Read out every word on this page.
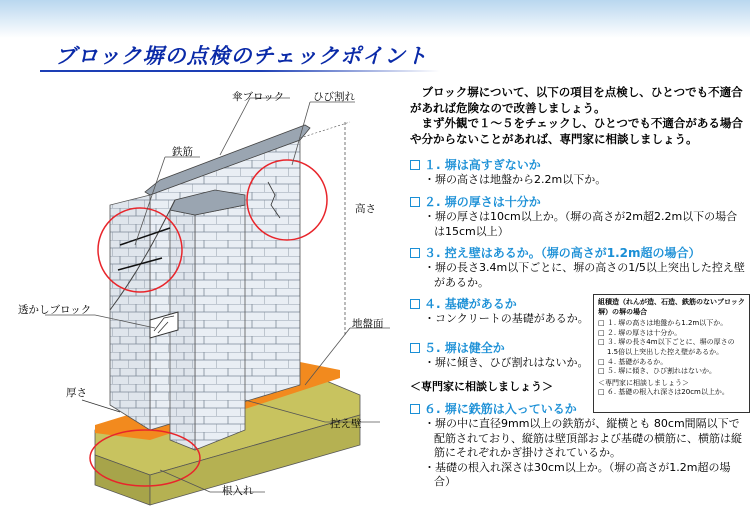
ブロック塀の点検のチェックポイント
傘ブロック	ひび割れ
鉄筋
高さ
透かしブロック
地盤面
厚さ
控え壁
根入れ

ブロック塀について、以下の項目を点検し、ひとつでも不適合があれば危険なので改善しましょう。

まず外観で１～５をチェックし、ひとつでも不適合がある場合や分からないことがあれば、専門家に相談しましょう。

１. 塀は高すぎないか
・ 塀の高さは地盤から2.2m以下か。
２. 塀の厚さは十分か
・ 塀の厚さは10cm以上か。（塀の高さが2m超2.2m以下の場合は15cm以上）
３. 控え壁はあるか。（塀の高さが1.2m超の場合）
・ 塀の長さ3.4m以下ごとに、塀の高さの1/5以上突出した控え壁があるか。
４. 基礎があるか
・ コンクリートの基礎があるか。
５. 塀は健全か
・ 塀に傾き、ひび割れはないか。
＜専門家に相談しましょう＞
６. 塀に鉄筋は入っているか
・ 塀の中に直径9mm以上の鉄筋が、縦横とも 80cm間隔以下で配筋されており、縦筋は壁頂部および基礎の横筋に、横筋は縦筋にそれぞれかぎ掛けされているか。
・ 基礎の根入れ深さは30cm以上か。（塀の高さが1.2m超の場合）
組積造（れんが造、石造、鉄筋のないブロック塀）の塀の場合
□ １. 塀の高さは地盤から1.2m以下か。
□ ２. 塀の厚さは十分か。
□ ３. 塀の長さ4m以下ごとに、塀の厚さの1.5倍以上突出した控え壁があるか。
□ ４. 基礎があるか。
□ ５. 塀に傾き、ひび割れはないか。
＜専門家に相談しましょう＞
□ ６. 基礎の根入れ深さは20cm以上か。
